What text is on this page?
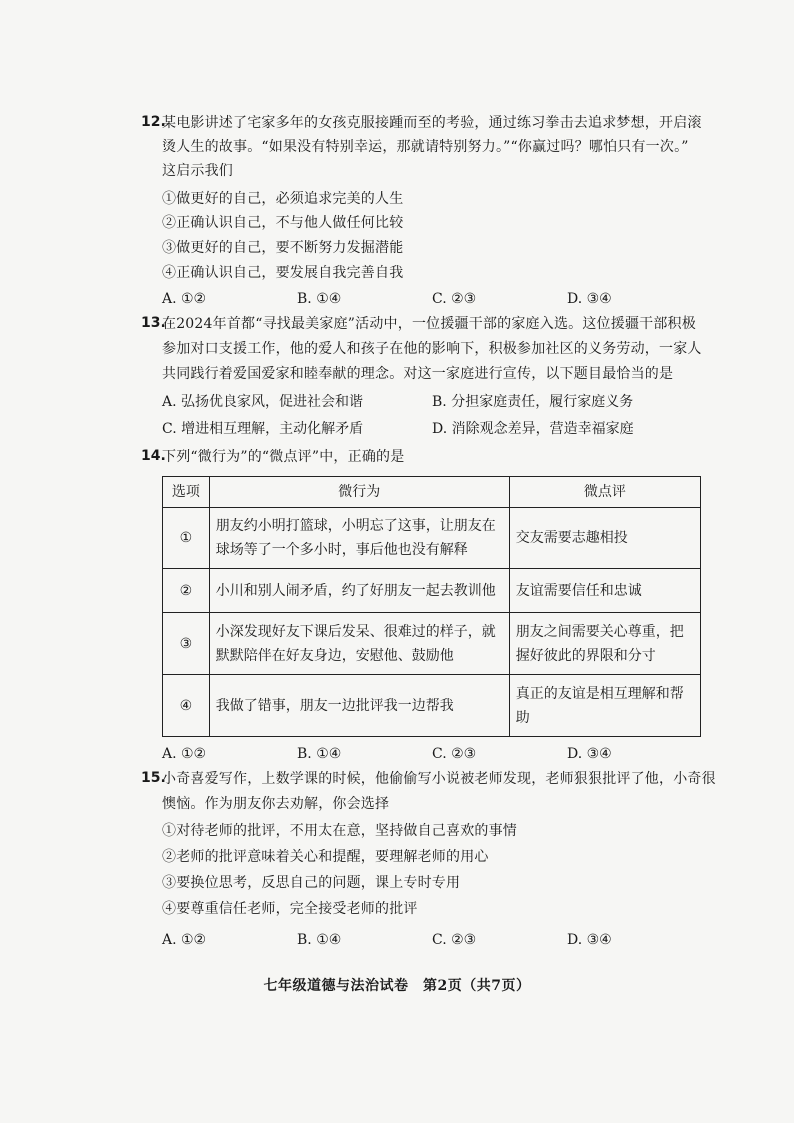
12.
某电影讲述了宅家多年的女孩克服接踵而至的考验，通过练习拳击去追求梦想，开启滚
烫人生的故事。“如果没有特别幸运，那就请特别努力。”“你赢过吗？哪怕只有一次。”
这启示我们
①做更好的自己，必须追求完美的人生
②正确认识自己，不与他人做任何比较
③做更好的自己，要不断努力发掘潜能
④正确认识自己，要发展自我完善自我
A. ①②	B. ①④	C. ②③	D. ③④
13.
在2024年首都“寻找最美家庭”活动中，一位援疆干部的家庭入选。这位援疆干部积极
参加对口支援工作，他的爱人和孩子在他的影响下，积极参加社区的义务劳动，一家人
共同践行着爱国爱家和睦奉献的理念。对这一家庭进行宣传，以下题目最恰当的是
A. 弘扬优良家风，促进社会和谐	B. 分担家庭责任，履行家庭义务
C. 增进相互理解，主动化解矛盾	D. 消除观念差异，营造幸福家庭
14.
下列“微行为”的“微点评”中，正确的是
选项	微行为	微点评
①	朋友约小明打篮球，小明忘了这事，让朋友在球场等了一个多小时，事后他也没有解释	交友需要志趣相投
②	小川和别人闹矛盾，约了好朋友一起去教训他	友谊需要信任和忠诚
③	小深发现好友下课后发呆、很难过的样子，就默默陪伴在好友身边，安慰他、鼓励他	朋友之间需要关心尊重，把握好彼此的界限和分寸
④	我做了错事，朋友一边批评我一边帮我	真正的友谊是相互理解和帮助
A. ①②	B. ①④	C. ②③	D. ③④
15.
小奇喜爱写作，上数学课的时候，他偷偷写小说被老师发现，老师狠狠批评了他，小奇很
懊恼。作为朋友你去劝解，你会选择
①对待老师的批评，不用太在意，坚持做自己喜欢的事情
②老师的批评意味着关心和提醒，要理解老师的用心
③要换位思考，反思自己的问题，课上专时专用
④要尊重信任老师，完全接受老师的批评
A. ①②	B. ①④	C. ②③	D. ③④
七年级道德与法治试卷　第2页（共7页）
